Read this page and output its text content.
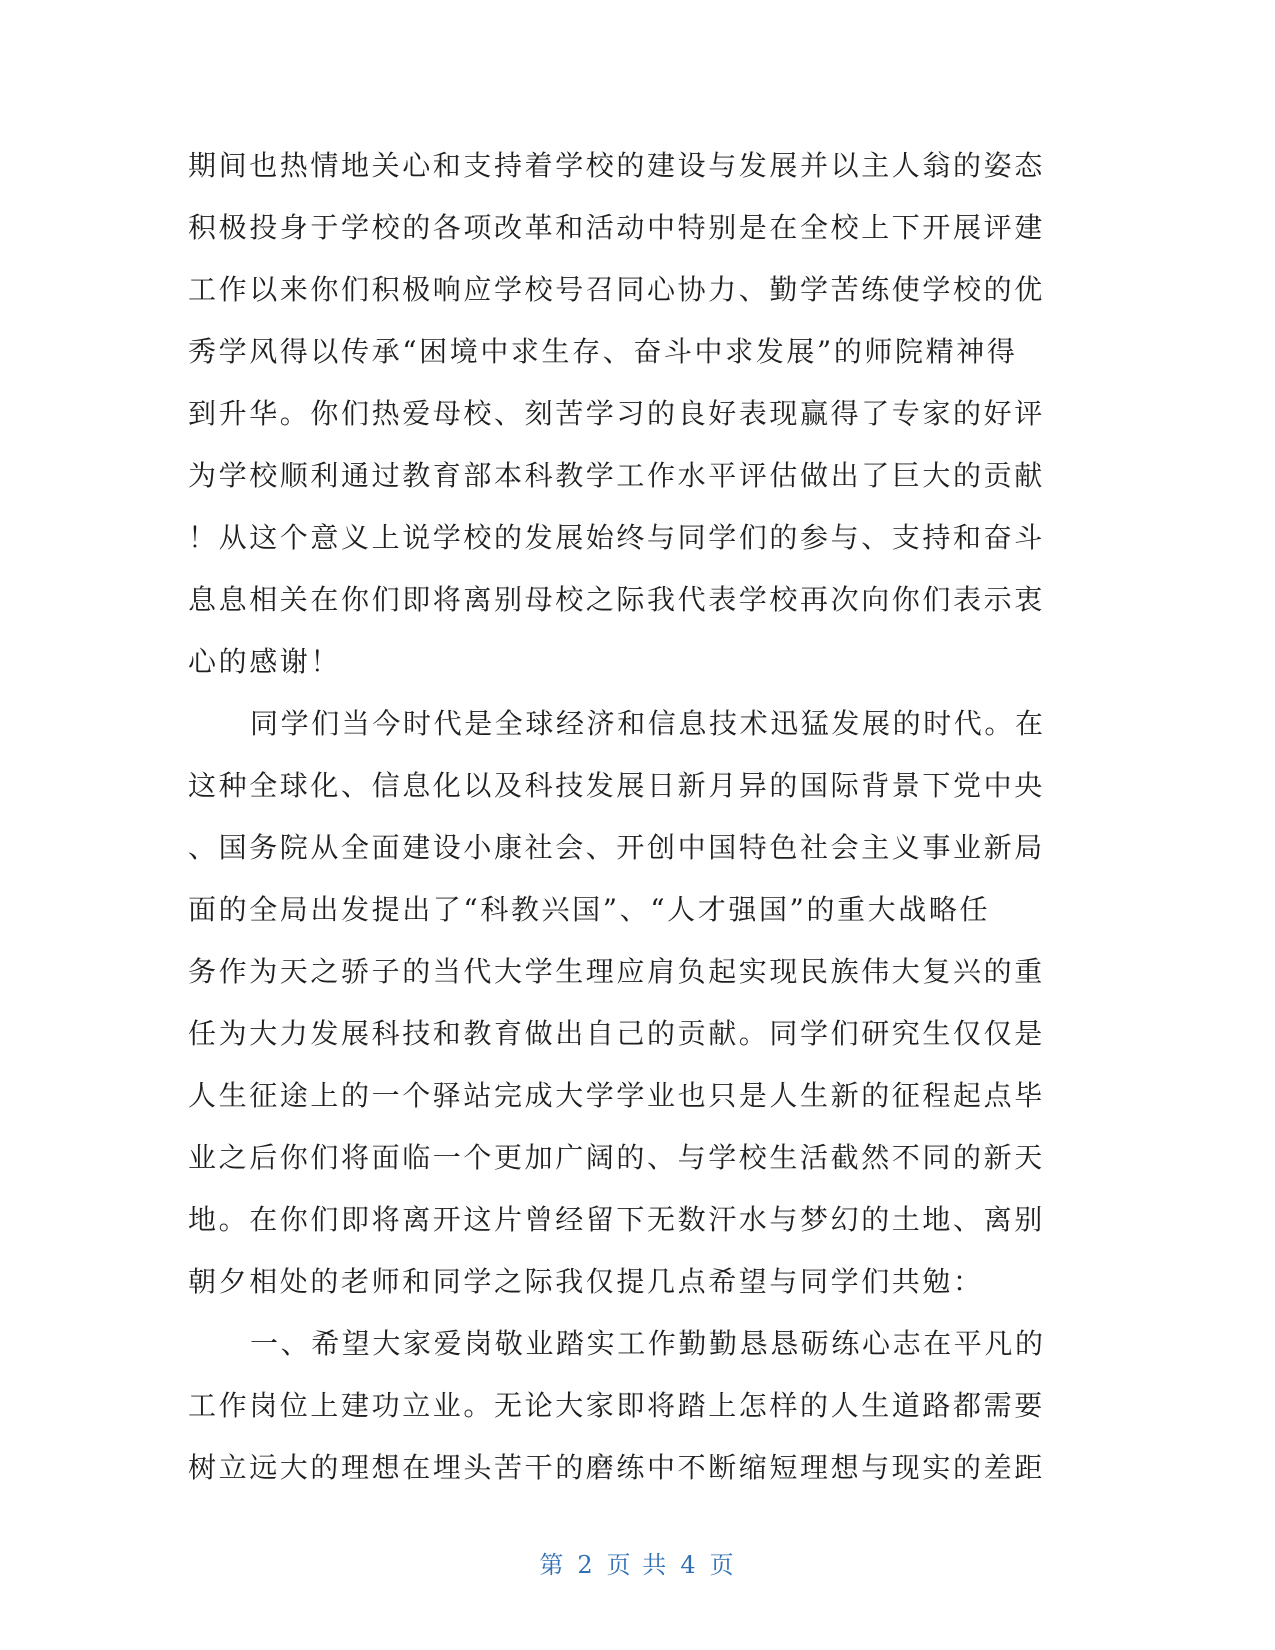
期间也热情地关心和支持着学校的建设与发展并以主人翁的姿态
积极投身于学校的各项改革和活动中特别是在全校上下开展评建
工作以来你们积极响应学校号召同心协力、勤学苦练使学校的优
秀学风得以传承“困境中求生存、奋斗中求发展”的师院精神得
到升华。你们热爱母校、刻苦学习的良好表现赢得了专家的好评
为学校顺利通过教育部本科教学工作水平评估做出了巨大的贡献
！从这个意义上说学校的发展始终与同学们的参与、支持和奋斗
息息相关在你们即将离别母校之际我代表学校再次向你们表示衷
心的感谢！
同学们当今时代是全球经济和信息技术迅猛发展的时代。在
这种全球化、信息化以及科技发展日新月异的国际背景下党中央
、国务院从全面建设小康社会、开创中国特色社会主义事业新局
面的全局出发提出了“科教兴国”、“人才强国”的重大战略任
务作为天之骄子的当代大学生理应肩负起实现民族伟大复兴的重
任为大力发展科技和教育做出自己的贡献。同学们研究生仅仅是
人生征途上的一个驿站完成大学学业也只是人生新的征程起点毕
业之后你们将面临一个更加广阔的、与学校生活截然不同的新天
地。在你们即将离开这片曾经留下无数汗水与梦幻的土地、离别
朝夕相处的老师和同学之际我仅提几点希望与同学们共勉：
一、希望大家爱岗敬业踏实工作勤勤恳恳砺练心志在平凡的
工作岗位上建功立业。无论大家即将踏上怎样的人生道路都需要
树立远大的理想在埋头苦干的磨练中不断缩短理想与现实的差距
第 2 页 共 4 页
